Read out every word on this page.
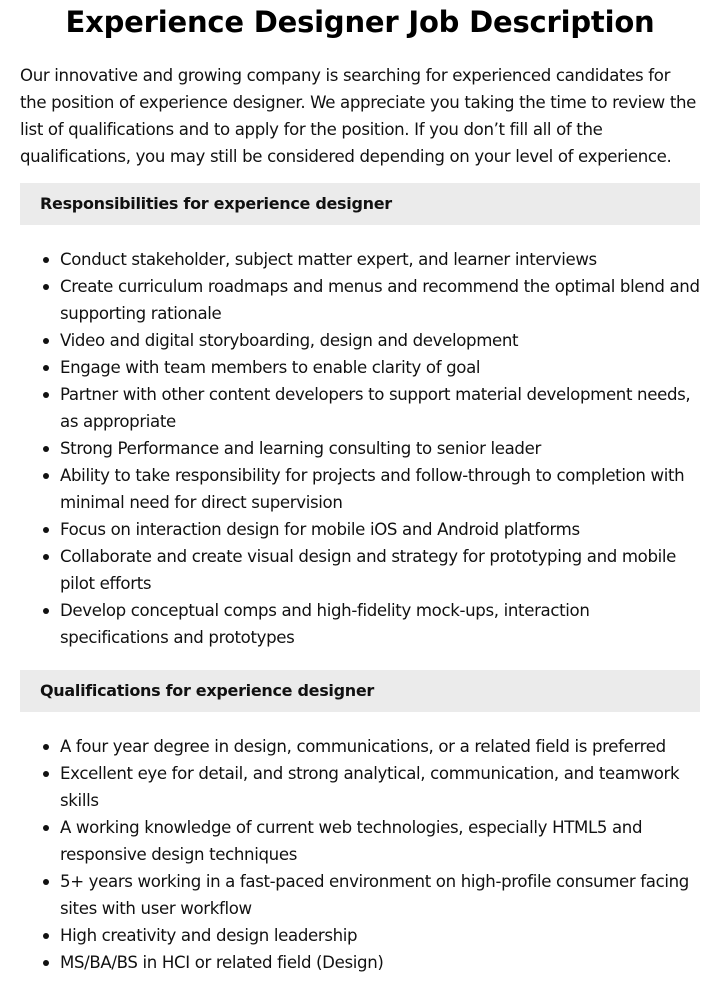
Experience Designer Job Description

Our innovative and growing company is searching for experienced candidates for the position of experience designer. We appreciate you taking the time to review the list of qualifications and to apply for the position. If you don’t fill all of the qualifications, you may still be considered depending on your level of experience.

Responsibilities for experience designer
Conduct stakeholder, subject matter expert, and learner interviews
Create curriculum roadmaps and menus and recommend the optimal blend and supporting rationale
Video and digital storyboarding, design and development
Engage with team members to enable clarity of goal
Partner with other content developers to support material development needs, as appropriate
Strong Performance and learning consulting to senior leader
Ability to take responsibility for projects and follow-through to completion with minimal need for direct supervision
Focus on interaction design for mobile iOS and Android platforms
Collaborate and create visual design and strategy for prototyping and mobile pilot efforts
Develop conceptual comps and high-fidelity mock-ups, interaction specifications and prototypes
Qualifications for experience designer
A four year degree in design, communications, or a related field is preferred
Excellent eye for detail, and strong analytical, communication, and teamwork skills
A working knowledge of current web technologies, especially HTML5 and responsive design techniques
5+ years working in a fast-paced environment on high-profile consumer facing sites with user workflow
High creativity and design leadership
MS/BA/BS in HCI or related field (Design)
